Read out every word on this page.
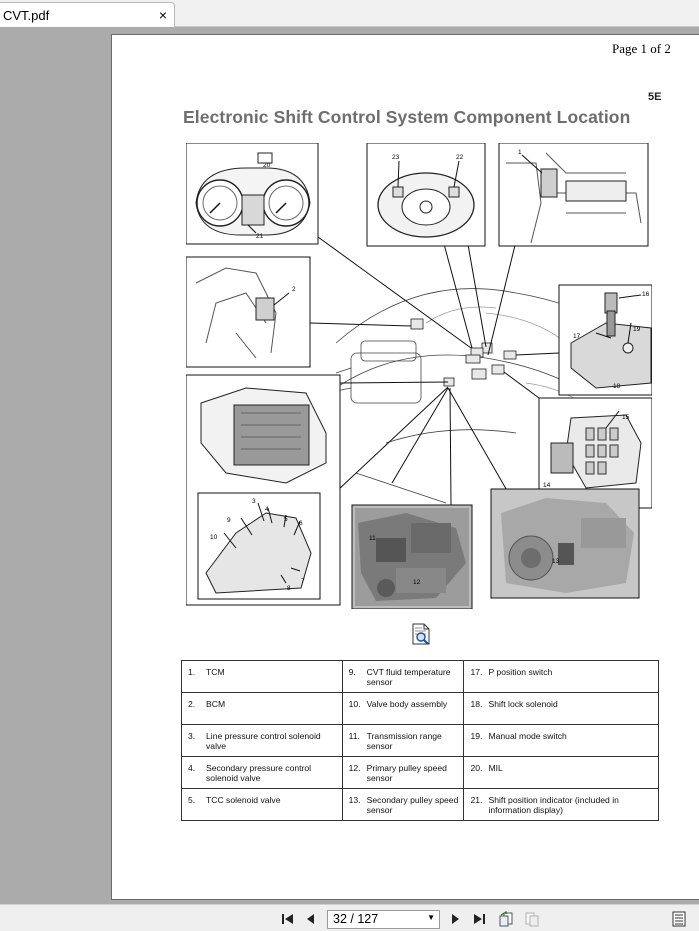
CVT.pdf	×
Page 1 of 2
5E
Electronic Shift Control System Component Location
20
21
23	22
1
2
16
17
19
18
15
14
3
4
5
6
9
10
7
8
11
12
13
1. TCM	9. CVT fluid temperature sensor	17. P position switch

2. BCM	10. Valve body assembly	18. Shift lock solenoid

3. Line pressure control solenoid valve	11. Transmission range sensor	19. Manual mode switch

4. Secondary pressure control solenoid valve	12. Primary pulley speed sensor	20. MIL

5. TCC solenoid valve	13. Secondary pulley speed sensor	21. Shift position indicator (included in information display)
32 / 127	▼
